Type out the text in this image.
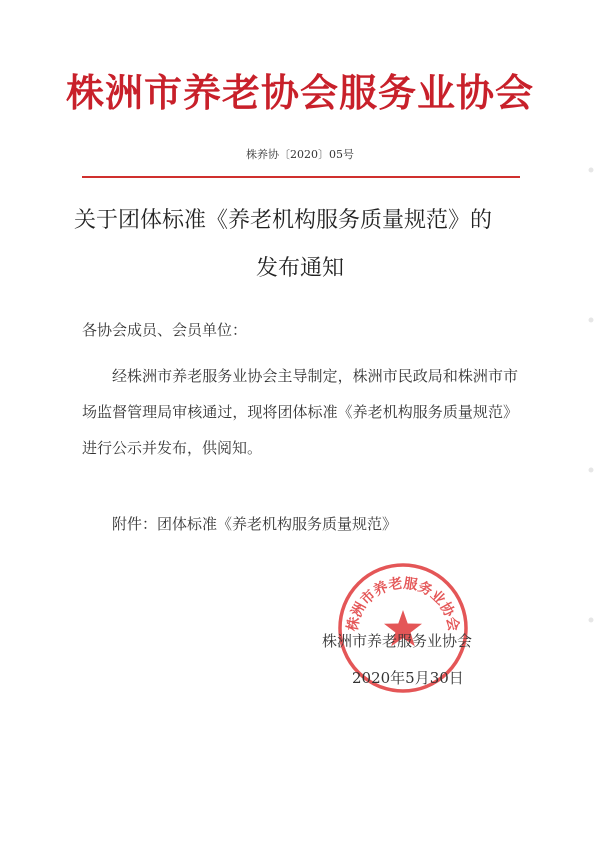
株洲市养老协会服务业协会
株养协〔2020〕05号
关于团体标准《养老机构服务质量规范》的
发布通知
各协会成员、会员单位：
经株洲市养老服务业协会主导制定，株洲市民政局和株洲市市场监督管理局审核通过，现将团体标准《养老机构服务质量规范》进行公示并发布，供阅知。
附件：团体标准《养老机构服务质量规范》
株洲市养老服务业协会
株洲市养老服务业协会
2020年5月30日
